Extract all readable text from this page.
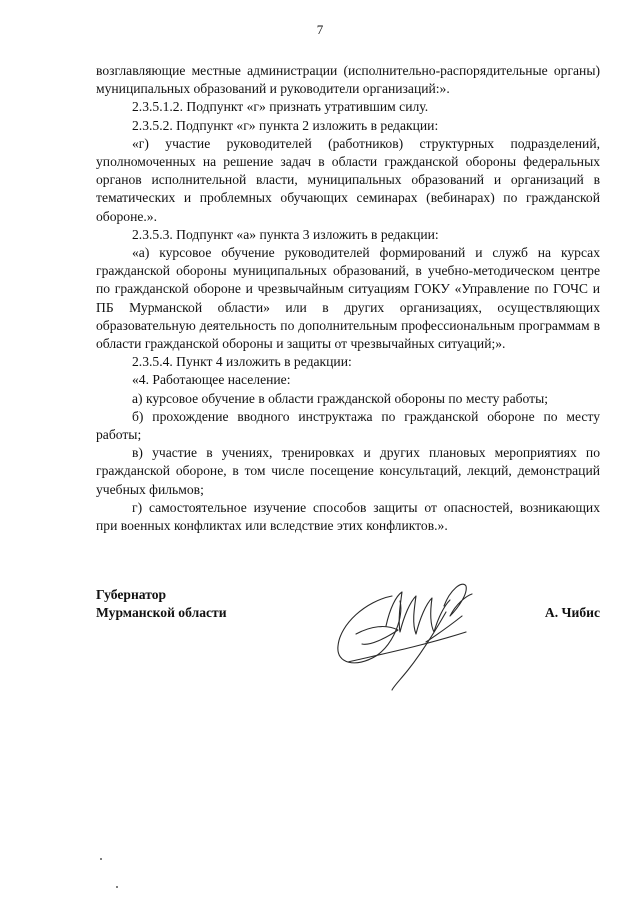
7

возглавляющие местные администрации (исполнительно-распорядительные органы) муниципальных образований и руководители организаций:».

2.3.5.1.2. Подпункт «г» признать утратившим силу.

2.3.5.2. Подпункт «г» пункта 2 изложить в редакции:

«г) участие руководителей (работников) структурных подразделений, уполномоченных на решение задач в области гражданской обороны федеральных органов исполнительной власти, муниципальных образований и организаций в тематических и проблемных обучающих семинарах (вебинарах) по гражданской обороне.».

2.3.5.3. Подпункт «а» пункта 3 изложить в редакции:

«а) курсовое обучение руководителей формирований и служб на курсах гражданской обороны муниципальных образований, в учебно-методическом центре по гражданской обороне и чрезвычайным ситуациям ГОКУ «Управление по ГОЧС и ПБ Мурманской области» или в других организациях, осуществляющих образовательную деятельность по дополнительным профессиональным программам в области гражданской обороны и защиты от чрезвычайных ситуаций;».

2.3.5.4. Пункт 4 изложить в редакции:

«4. Работающее население:

а) курсовое обучение в области гражданской обороны по месту работы;

б) прохождение вводного инструктажа по гражданской обороне по месту работы;

в) участие в учениях, тренировках и других плановых мероприятиях по гражданской обороне, в том числе посещение консультаций, лекций, демонстраций учебных фильмов;

г) самостоятельное изучение способов защиты от опасностей, возникающих при военных конфликтах или вследствие этих конфликтов.».

Губернатор
Мурманской области	А. Чибис
